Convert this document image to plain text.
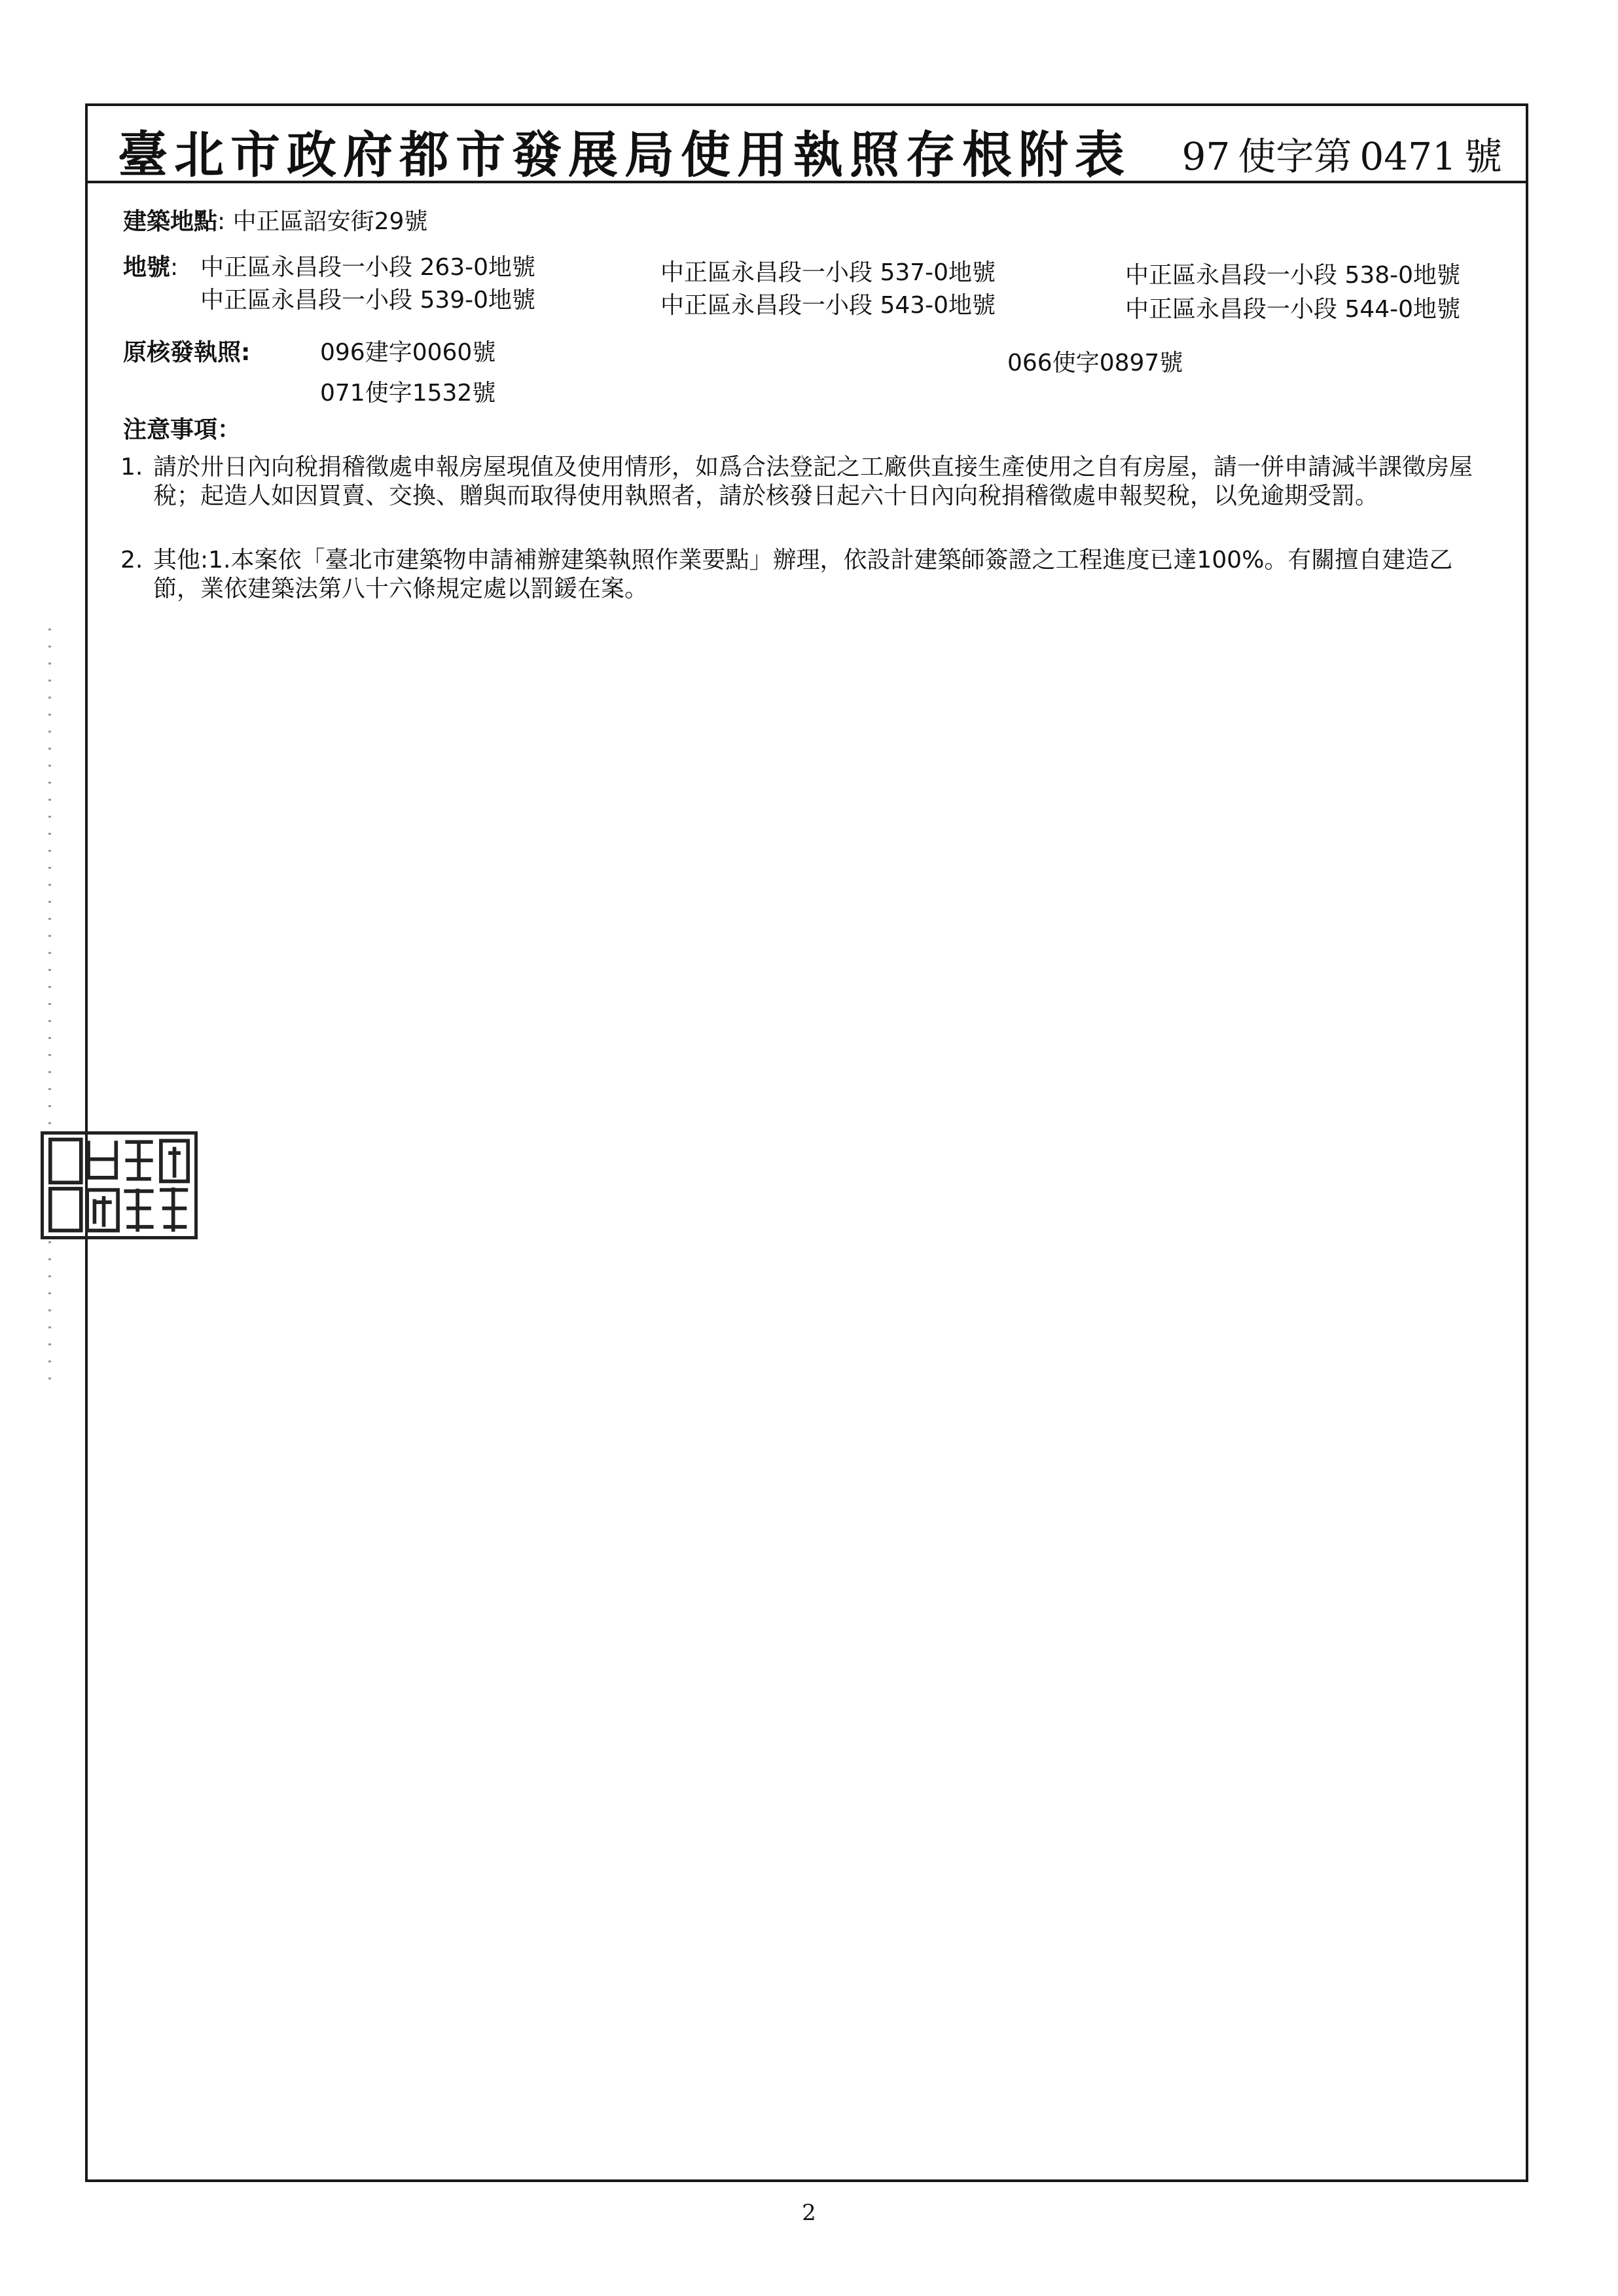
臺北市政府都市發展局使用執照存根附表 97 使字第 0471 號
建築地點: 中正區詔安街29號
地號: 中正區永昌段一小段 263-0地號	中正區永昌段一小段 537-0地號	中正區永昌段一小段 538-0地號
中正區永昌段一小段 539-0地號	中正區永昌段一小段 543-0地號	中正區永昌段一小段 544-0地號
原核發執照:	096建字0060號	066使字0897號
071使字1532號
注意事項：
1. 請於卅日內向稅捐稽徵處申報房屋現值及使用情形，如爲合法登記之工廠供直接生產使用之自有房屋，請一併申請減半課徵房屋稅；起造人如因買賣、交換、贈與而取得使用執照者，請於核發日起六十日內向稅捐稽徵處申報契稅，以免逾期受罰。
2. 其他:1.本案依「臺北市建築物申請補辦建築執照作業要點」辦理，依設計建築師簽證之工程進度已達100%。有關擅自建造乙節，業依建築法第八十六條規定處以罰鍰在案。
2
